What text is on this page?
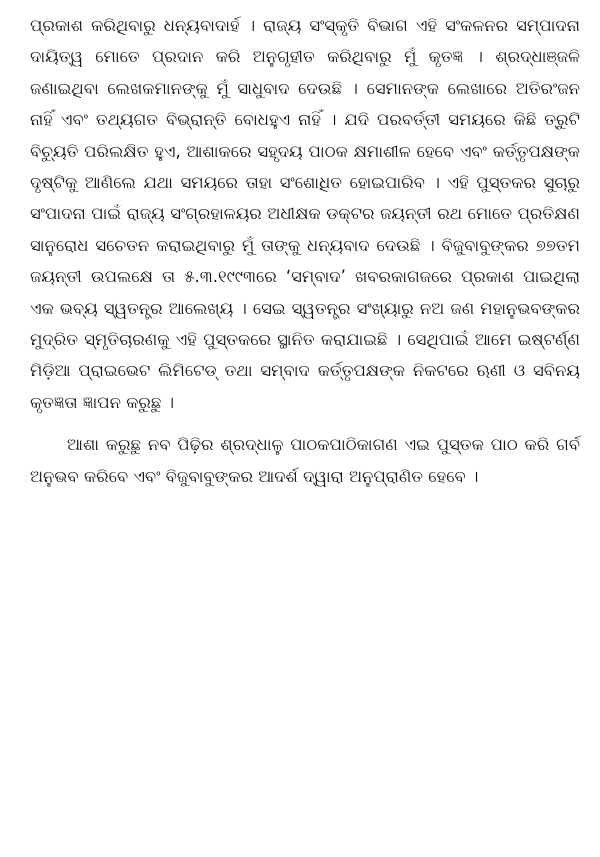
ପ୍ରକାଶ କରିଥିବାରୁ ଧନ୍ୟବାଦାର୍ହ । ରାଜ୍ୟ ସଂସ୍କୃତି ବିଭାଗ ଏହି ସଂକଳନର ସମ୍ପାଦନା ଦାୟିତ୍ୱ ମୋତେ ପ୍ରଦାନ କରି ଅନୁଗୃହୀତ କରିଥିବାରୁ ମୁଁ କୃତଜ୍ଞ । ଶ୍ରଦ୍ଧାଞ୍ଜଳି ଜଣାଇଥିବା ଲେଖକମାନଙ୍କୁ ମୁଁ ସାଧୁବାଦ ଦେଉଛି । ସେମାନଙ୍କ ଲେଖାରେ ଅତିରଂଜନ ନାହିଁ ଏବଂ ତଥ୍ୟଗତ ବିଭ୍ରାନ୍ତି ବୋଧହୁଏ ନାହିଁ । ଯଦି ପରବର୍ତ୍ତୀ ସମୟରେ କିଛି ତ୍ରୁଟି ବିଚ୍ୟୁତି ପରିଲକ୍ଷିତ ହୁଏ, ଆଶାକରେ ସହୃଦୟ ପାଠକ କ୍ଷମାଶୀଳ ହେବେ ଏବଂ କର୍ତ୍ତୃପକ୍ଷଙ୍କ ଦୃଷ୍ଟିକୁ ଆଣିଲେ ଯଥା ସମୟରେ ତାହା ସଂଶୋଧିତ ହୋଇପାରିବ । ଏହି ପୁସ୍ତକର ସୁଚାରୁ ସଂପାଦନା ପାଇଁ ରାଜ୍ୟ ସଂଗ୍ରହାଳୟର ଅଧୀକ୍ଷକ ଡକ୍ଟର ଜୟନ୍ତୀ ରଥ ମୋତେ ପ୍ରତିକ୍ଷଣ ସାନୁରୋଧ ସଚେତନ କରାଇଥିବାରୁ ମୁଁ ତାଙ୍କୁ ଧନ୍ୟବାଦ ଦେଉଛି । ବିଜୁବାବୁଙ୍କର ୭୭ତମ ଜୟନ୍ତୀ ଉପଲକ୍ଷେ ତା ୫.୩.୧୯୯୩ରେ ‘ସମ୍ବାଦ’ ଖବରକାଗଜରେ ପ୍ରକାଶ ପାଇଥିଲା ଏକ ଭବ୍ୟ ସ୍ୱତନ୍ତ୍ର ଆଲେଖ୍ୟ । ସେଇ ସ୍ୱତନ୍ତ୍ର ସଂଖ୍ୟାରୁ ନଅ ଜଣ ମହାନୁଭବଙ୍କର ମୁଦ୍ରିତ ସ୍ମୃତିଚାରଣକୁ ଏହି ପୁସ୍ତକରେ ସ୍ଥାନିତ କରାଯାଇଛି । ସେଥିପାଇଁ ଆମେ ଇଷ୍ଟର୍ଣ୍ଣ ମିଡ଼ିଆ ପ୍ରାଇଭେଟ ଲିମିଟେଡ୍ ତଥା ସମ୍ବାଦ କର୍ତ୍ତୃପକ୍ଷଙ୍କ ନିକଟରେ ଋଣୀ ଓ ସବିନୟ କୃତଜ୍ଞତା ଜ୍ଞାପନ କରୁଛୁ ।

ଆଶା କରୁଛୁ ନବ ପିଢ଼ିର ଶ୍ରଦ୍ଧାଳୁ ପାଠକପାଠିକାଗଣ ଏଇ ପୁସ୍ତକ ପାଠ କରି ଗର୍ବ ଅନୁଭବ କରିବେ ଏବଂ ବିଜୁବାବୁଙ୍କର ଆଦର୍ଶ ଦ୍ୱାରା ଅନୁପ୍ରାଣିତ ହେବେ ।
